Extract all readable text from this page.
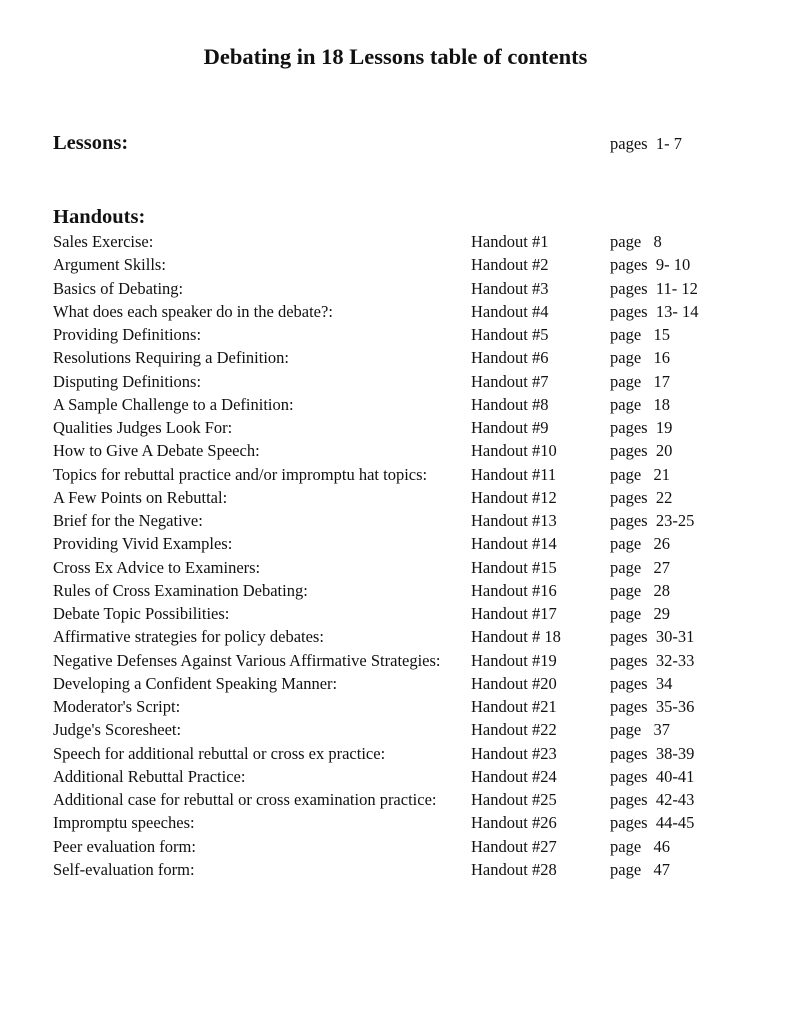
Debating in 18 Lessons table of contents
Lessons:	pages  1- 7
Handouts:
Sales Exercise:	Handout #1	page   8
Argument Skills:	Handout #2	pages  9- 10
Basics of Debating:	Handout #3	pages  11- 12
What does each speaker do in the debate?:	Handout #4	pages  13- 14
Providing Definitions:	Handout #5	page   15
Resolutions Requiring a Definition:	Handout #6	page   16
Disputing Definitions:	Handout #7	page   17
A Sample Challenge to a Definition:	Handout #8	page   18
Qualities Judges Look For:	Handout #9	pages  19
How to Give A Debate Speech:	Handout #10	pages  20
Topics for rebuttal practice and/or impromptu hat topics:	Handout #11	page   21
A Few Points on Rebuttal:	Handout #12	pages  22
Brief for the Negative:	Handout #13	pages  23-25
Providing Vivid Examples:	Handout #14	page   26
Cross Ex Advice to Examiners:	Handout #15	page   27
Rules of Cross Examination Debating:	Handout #16	page   28
Debate Topic Possibilities:	Handout #17	page   29
Affirmative strategies for policy debates:	Handout # 18	pages  30-31
Negative Defenses Against Various Affirmative Strategies: Handout #19	pages  32-33
Developing a Confident Speaking Manner:	Handout #20	pages  34
Moderator's Script:	Handout #21	pages  35-36
Judge's Scoresheet:	Handout #22	page   37
Speech for additional rebuttal or cross ex practice:	Handout #23	pages  38-39
Additional Rebuttal Practice:	Handout #24	pages  40-41
Additional case for rebuttal or cross examination practice: Handout #25	pages  42-43
Impromptu speeches:	Handout #26	pages  44-45
Peer evaluation form:	Handout #27	page   46
Self-evaluation form:	Handout #28	page   47
